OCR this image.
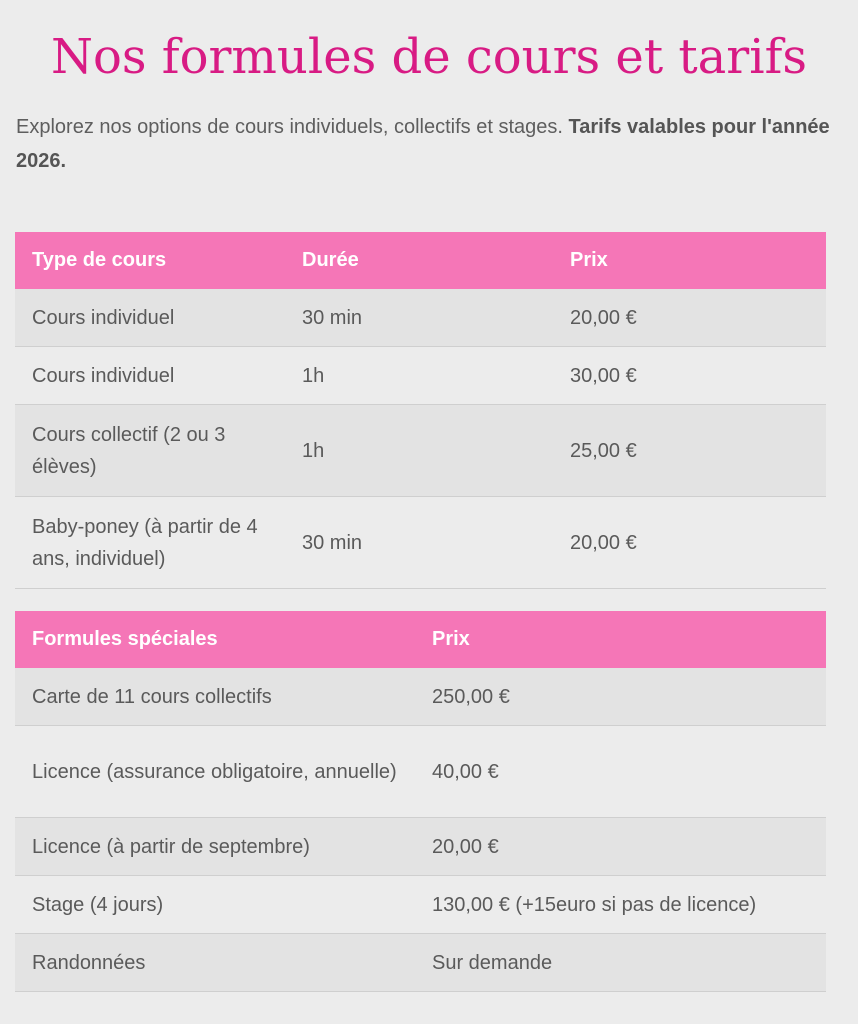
Nos formules de cours et tarifs

Explorez nos options de cours individuels, collectifs et stages. Tarifs valables pour l'année 2026.

Type de cours	Durée	Prix
Cours individuel	30 min	20,00 €
Cours individuel	1h	30,00 €
Cours collectif (2 ou 3 élèves)	1h	25,00 €
Baby-poney (à partir de 4 ans, individuel)	30 min	20,00 €
Formules spéciales	Prix
Carte de 11 cours collectifs	250,00 €
Licence (assurance obligatoire, annuelle)	40,00 €
Licence (à partir de septembre)	20,00 €
Stage (4 jours)	130,00 € (+15euro si pas de licence)
Randonnées	Sur demande
